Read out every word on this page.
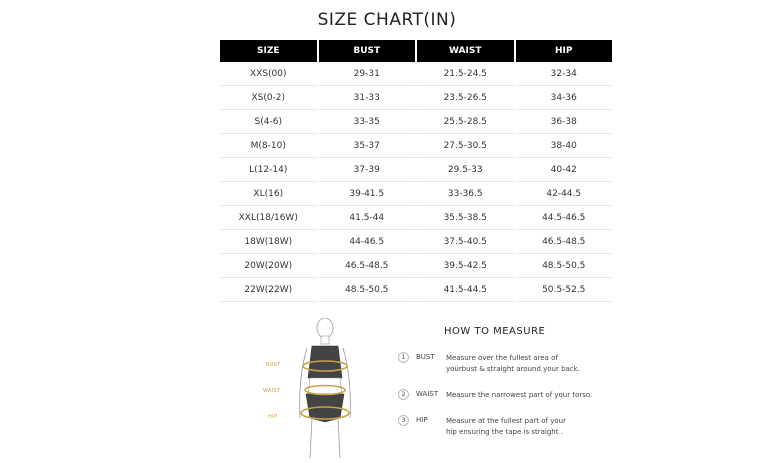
SIZE CHART(IN)
SIZE	BUST	WAIST	HIP
XXS(00)	29-31	21.5-24.5	32-34
XS(0-2)	31-33	23.5-26.5	34-36
S(4-6)	33-35	25.5-28.5	36-38
M(8-10)	35-37	27.5-30.5	38-40
L(12-14)	37-39	29.5-33	40-42
XL(16)	39-41.5	33-36.5	42-44.5
XXL(18/16W)	41.5-44	35.5-38.5	44.5-46.5
18W(18W)	44-46.5	37.5-40.5	46.5-48.5
20W(20W)	46.5-48.5	39.5-42.5	48.5-50.5
22W(22W)	48.5-50.5	41.5-44.5	50.5-52.5
BUST
WAIST
HIP
HOW TO MEASURE
1	BUST Measure over the fullest area of yourbust & straight around your back.
2	WAIST Measure the narrowest part of your torso.
3	HIP	Measure at the fullest part of your hip ensuring the tape is straight .
